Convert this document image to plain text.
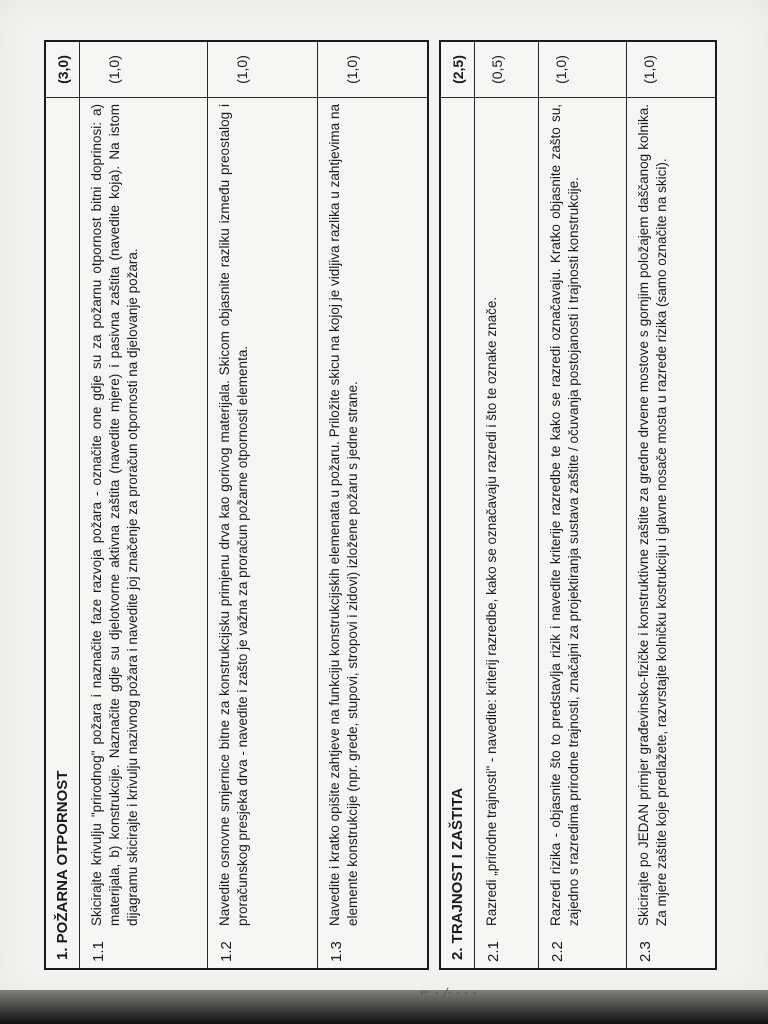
⌐ · /· · · ·
1. POŽARNA OTPORNOST
(3,0)
1.1
Skicirajte krivulju "prirodnog" požara i naznačite faze razvoja požara - označite one gdje su za požarnu otpornost bitni doprinosi: a) materijala, b) konstrukcije. Naznačite gdje su djelotvorne aktivna zaštita (navedite mjere) i pasivna zaštita (navedite koja). Na istom dijagramu skicirajte i krivulju nazivnog požara i navedite joj značenje za proračun otpornosti na djelovanje požara.
(1,0)
1.2
Navedite osnovne smjernice bitne za konstrukcijsku primjenu drva kao gorivog materijala. Skicom objasnite razliku između preostalog i proračunskog presjeka drva - navedite i zašto je važna za proračun požarne otpornosti elementa.
(1,0)
1.3
Navedite i kratko opišite zahtjeve na funkciju konstrukcijskih elemenata u požaru. Priložite skicu na kojoj je vidljiva razlika u zahtjevima na elemente konstrukcije (npr. grede, stupovi, stropovi i zidovi) izložene požaru s jedne strane.
(1,0)
2. TRAJNOST I ZAŠTITA
(2,5)
2.1
Razredi „prirodne trajnosti" - navedite: kriterij razredbe, kako se označavaju razredi i što te oznake znače.
(0,5)
2.2
Razredi rizika - objasnite što to predstavlja rizik i navedite kriterije razredbe te kako se razredi označavaju. Kratko objasnite zašto su, zajedno s razredima prirodne trajnosti, značajni za projektiranja sustava zaštite / očuvanja postojanosti i trajnosti konstrukcije.
(1,0)
2.3
Skicirajte po JEDAN primjer građevinsko-fizičke i konstruktivne zaštite za gredne drvene mostove s gornjim položajem daščanog kolnika. Za mjere zaštite koje predlažete, razvrstajte kolničku kostrukciju i glavne nosače mosta u razrede rizika (samo označite na skici).
(1,0)
